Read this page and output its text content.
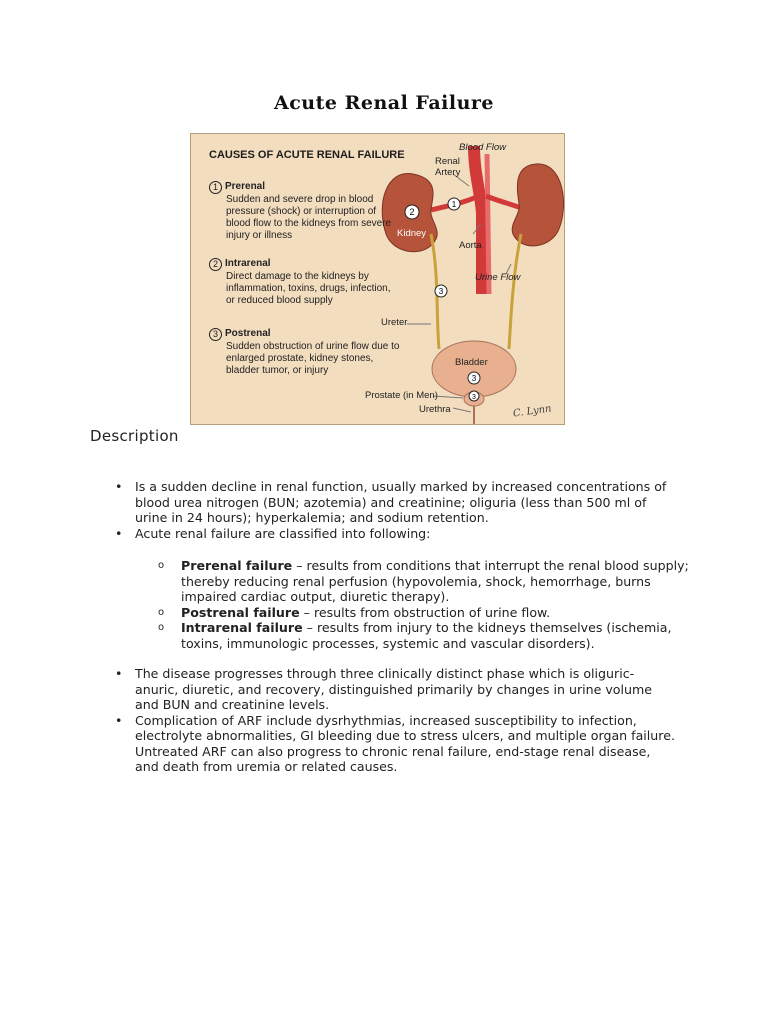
Acute Renal Failure
1
2
3
3
3
CAUSES OF ACUTE RENAL FAILURE
1 Prerenal
Sudden and severe drop in blood pressure (shock) or interruption of blood flow to the kidneys from severe injury or illness
2 Intrarenal
Direct damage to the kidneys by inflammation, toxins, drugs, infection, or reduced blood supply
3 Postrenal
Sudden obstruction of urine flow due to enlarged prostate, kidney stones, bladder tumor, or injury
Blood Flow
Renal Artery
Kidney
Aorta
Urine Flow
Ureter
Bladder
Prostate (in Men)
Urethra	C. Lynn
Description
• Is a sudden decline in renal function, usually marked by increased concentrations of blood urea nitrogen (BUN; azotemia) and creatinine; oliguria (less than 500 ml of urine in 24 hours); hyperkalemia; and sodium retention.
• Acute renal failure are classified into following:
o Prerenal failure – results from conditions that interrupt the renal blood supply; thereby reducing renal perfusion (hypovolemia, shock, hemorrhage, burns impaired cardiac output, diuretic therapy).
o Postrenal failure – results from obstruction of urine flow.
o Intrarenal failure – results from injury to the kidneys themselves (ischemia, toxins, immunologic processes, systemic and vascular disorders).
• The disease progresses through three clinically distinct phase which is oliguric-anuric, diuretic, and recovery, distinguished primarily by changes in urine volume and BUN and creatinine levels.
• Complication of ARF include dysrhythmias, increased susceptibility to infection, electrolyte abnormalities, GI bleeding due to stress ulcers, and multiple organ failure. Untreated ARF can also progress to chronic renal failure, end-stage renal disease, and death from uremia or related causes.
